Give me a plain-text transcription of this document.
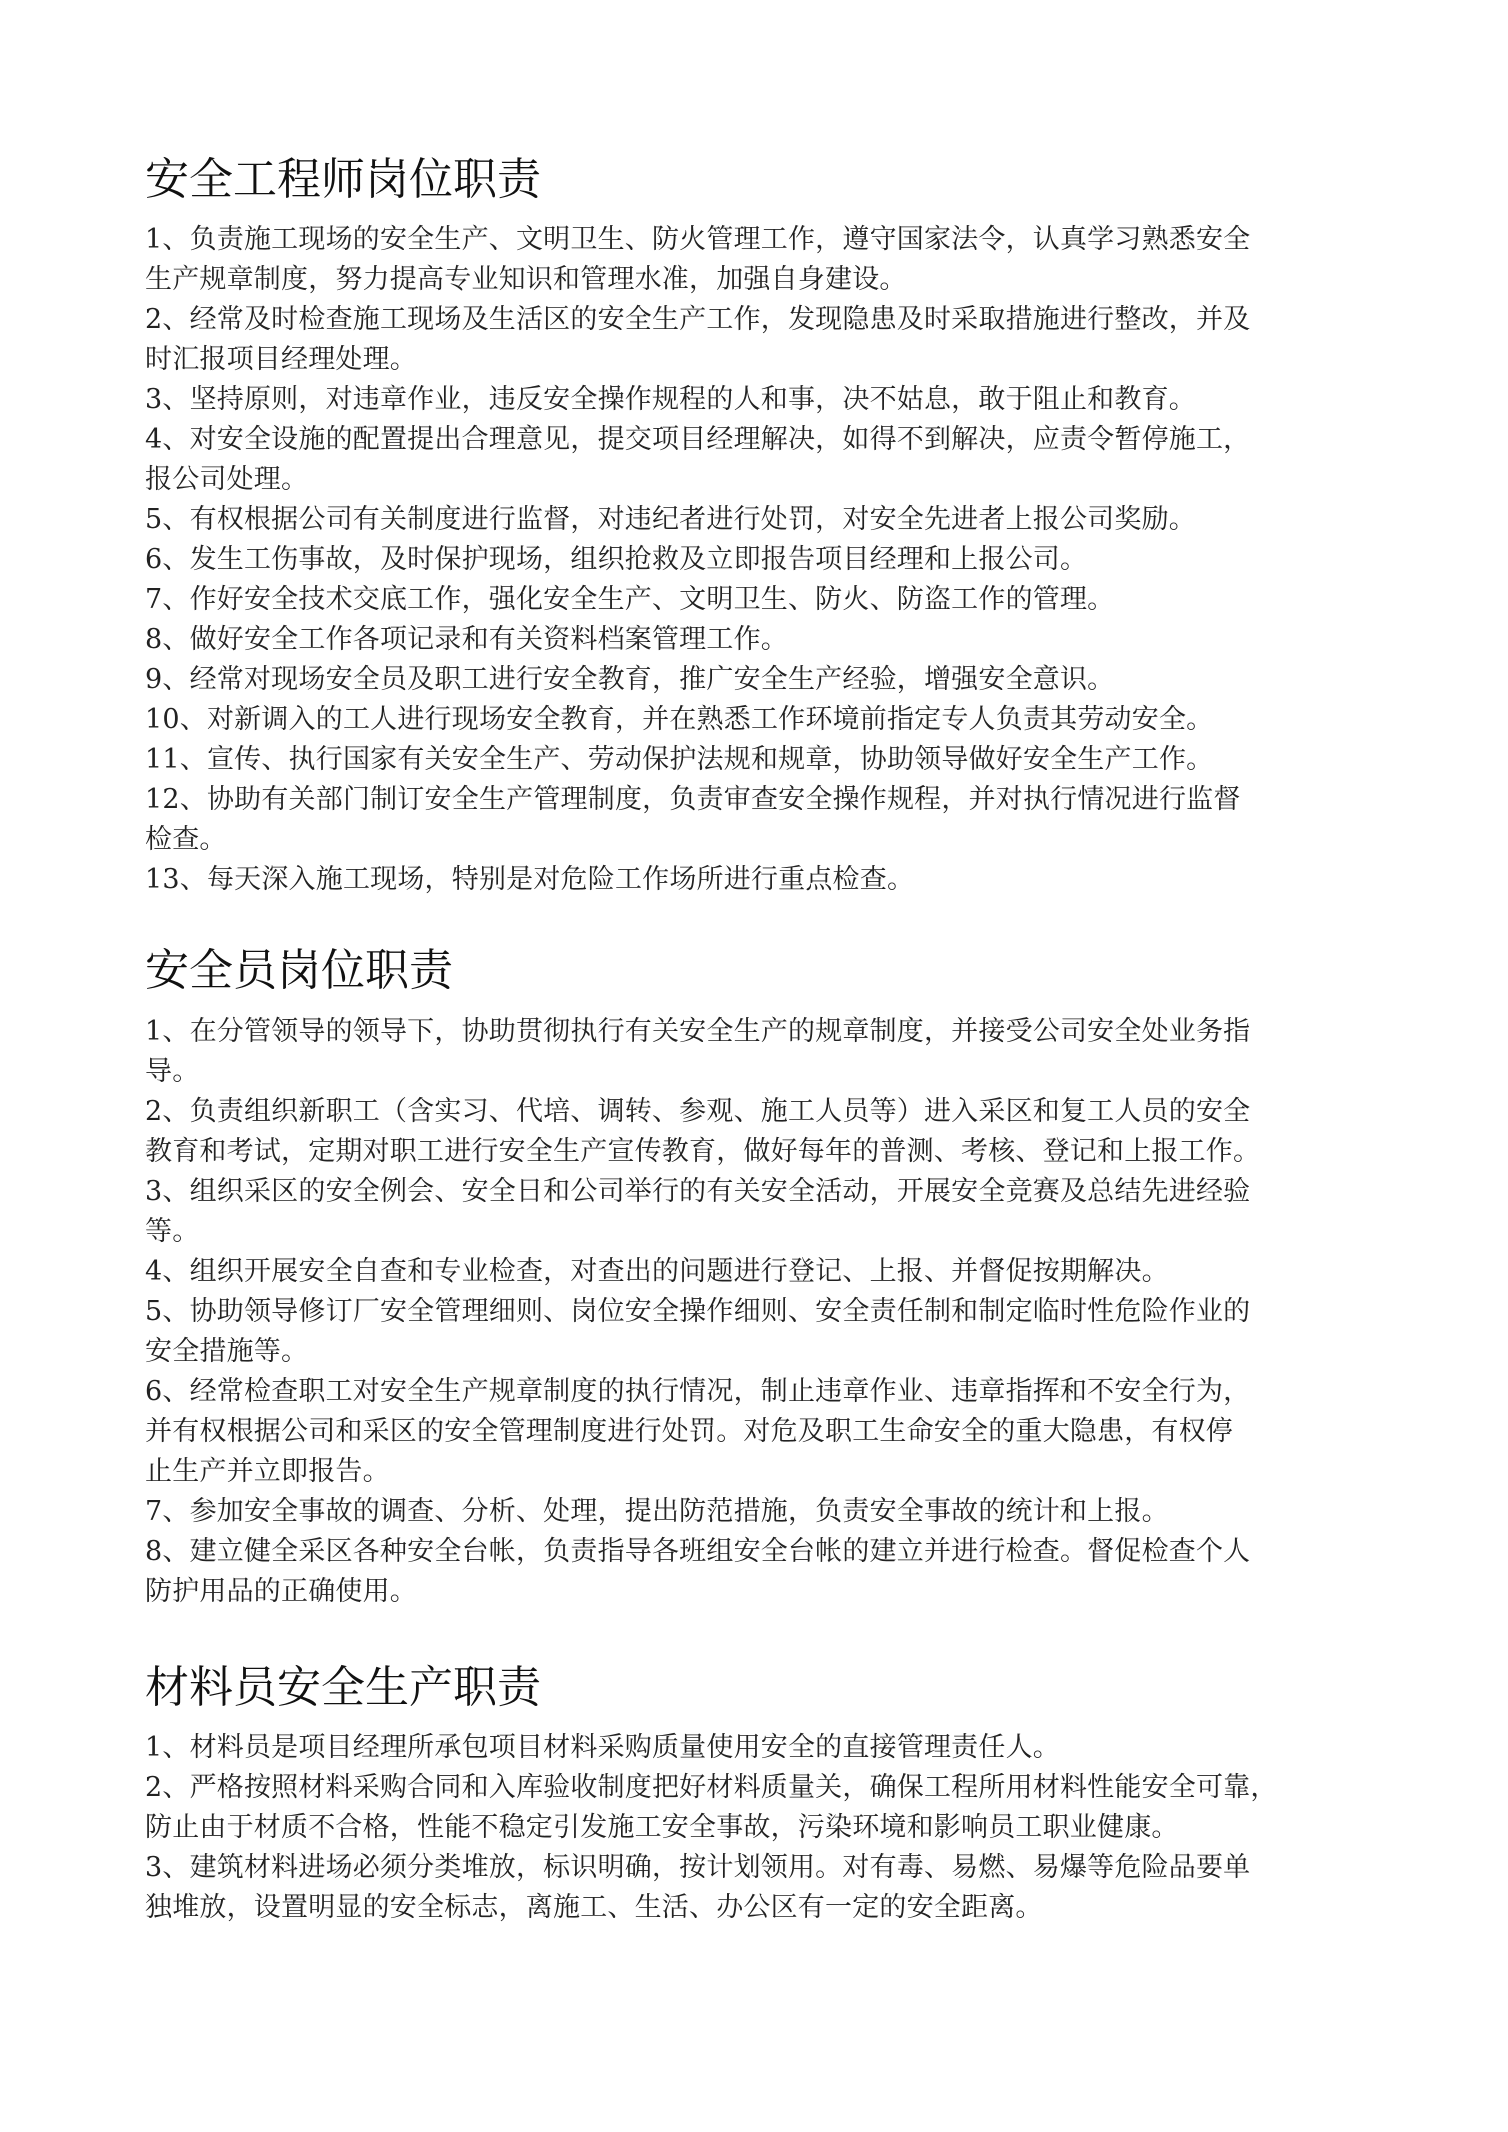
安全工程师岗位职责
1、负责施工现场的安全生产、文明卫生、防火管理工作，遵守国家法令，认真学习熟悉安全
生产规章制度，努力提高专业知识和管理水准，加强自身建设。
2、经常及时检查施工现场及生活区的安全生产工作，发现隐患及时采取措施进行整改，并及
时汇报项目经理处理。
3、坚持原则，对违章作业，违反安全操作规程的人和事，决不姑息，敢于阻止和教育。
4、对安全设施的配置提出合理意见，提交项目经理解决，如得不到解决，应责令暂停施工，
报公司处理。
5、有权根据公司有关制度进行监督，对违纪者进行处罚，对安全先进者上报公司奖励。
6、发生工伤事故，及时保护现场，组织抢救及立即报告项目经理和上报公司。
7、作好安全技术交底工作，强化安全生产、文明卫生、防火、防盗工作的管理。
8、做好安全工作各项记录和有关资料档案管理工作。
9、经常对现场安全员及职工进行安全教育，推广安全生产经验，增强安全意识。
10、对新调入的工人进行现场安全教育，并在熟悉工作环境前指定专人负责其劳动安全。
11、宣传、执行国家有关安全生产、劳动保护法规和规章，协助领导做好安全生产工作。
12、协助有关部门制订安全生产管理制度，负责审查安全操作规程，并对执行情况进行监督
检查。
13、每天深入施工现场，特别是对危险工作场所进行重点检查。
安全员岗位职责
1、在分管领导的领导下，协助贯彻执行有关安全生产的规章制度，并接受公司安全处业务指
导。
2、负责组织新职工（含实习、代培、调转、参观、施工人员等）进入采区和复工人员的安全
教育和考试，定期对职工进行安全生产宣传教育，做好每年的普测、考核、登记和上报工作。
3、组织采区的安全例会、安全日和公司举行的有关安全活动，开展安全竞赛及总结先进经验
等。
4、组织开展安全自查和专业检查，对查出的问题进行登记、上报、并督促按期解决。
5、协助领导修订厂安全管理细则、岗位安全操作细则、安全责任制和制定临时性危险作业的
安全措施等。
6、经常检查职工对安全生产规章制度的执行情况，制止违章作业、违章指挥和不安全行为，
并有权根据公司和采区的安全管理制度进行处罚。对危及职工生命安全的重大隐患，有权停
止生产并立即报告。
7、参加安全事故的调查、分析、处理，提出防范措施，负责安全事故的统计和上报。
8、建立健全采区各种安全台帐，负责指导各班组安全台帐的建立并进行检查。督促检查个人
防护用品的正确使用。
材料员安全生产职责
1、材料员是项目经理所承包项目材料采购质量使用安全的直接管理责任人。
2、严格按照材料采购合同和入库验收制度把好材料质量关，确保工程所用材料性能安全可靠，
防止由于材质不合格，性能不稳定引发施工安全事故，污染环境和影响员工职业健康。
3、建筑材料进场必须分类堆放，标识明确，按计划领用。对有毒、易燃、易爆等危险品要单
独堆放，设置明显的安全标志，离施工、生活、办公区有一定的安全距离。
